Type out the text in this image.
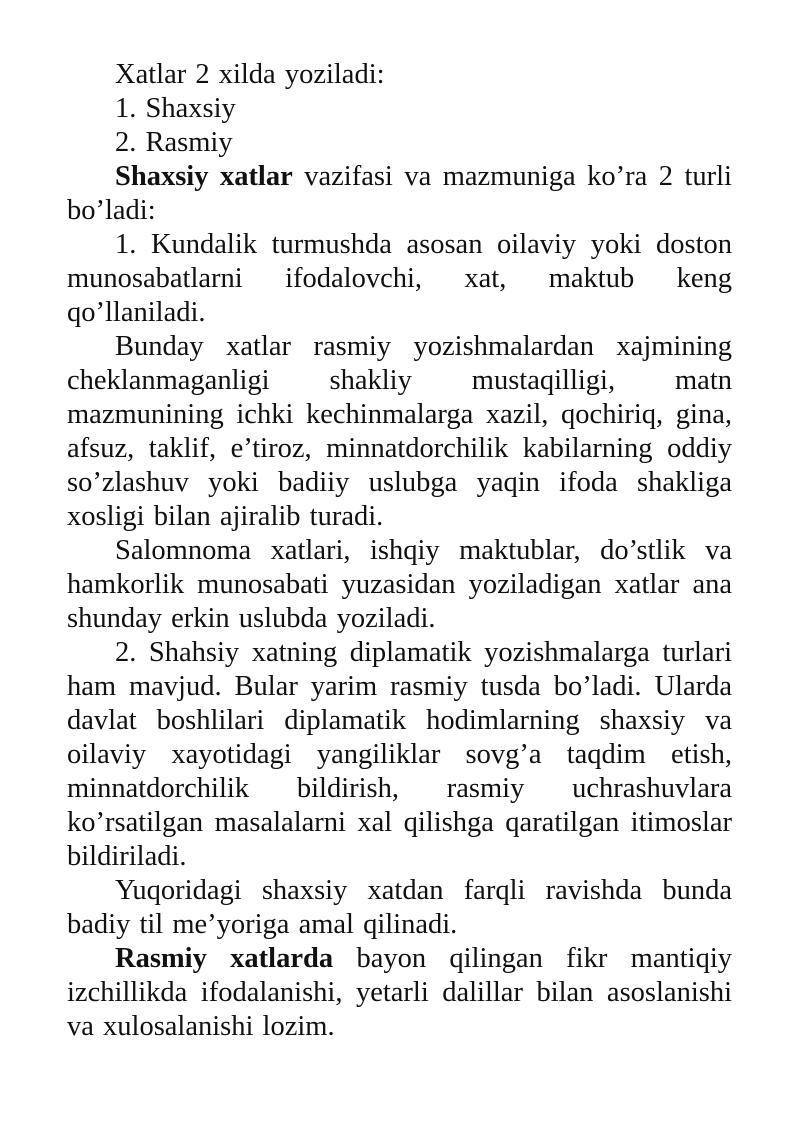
Xatlar 2 xilda yoziladi:

1. Shaxsiy

2. Rasmiy

Shaxsiy xatlar vazifasi va mazmuniga ko’ra 2 turli bo’ladi:

1. Kundalik turmushda asosan oilaviy yoki doston munosabatlarni ifodalovchi, xat, maktub keng qo’llaniladi.

Bunday xatlar rasmiy yozishmalardan xajmining cheklanmaganligi shakliy mustaqilligi, matn mazmunining ichki kechinmalarga xazil, qochiriq, gina, afsuz, taklif, e’tiroz, minnatdorchilik kabilarning oddiy so’zlashuv yoki badiiy uslubga yaqin ifoda shakliga xosligi bilan ajiralib turadi.

Salomnoma xatlari, ishqiy maktublar, do’stlik va hamkorlik munosabati yuzasidan yoziladigan xatlar ana shunday erkin uslubda yoziladi.

2. Shahsiy xatning diplamatik yozishmalarga turlari ham mavjud. Bular yarim rasmiy tusda bo’ladi. Ularda davlat boshlilari diplamatik hodimlarning shaxsiy va oilaviy xayotidagi yangiliklar sovg’a taqdim etish, minnatdorchilik bildirish, rasmiy uchrashuvlara ko’rsatilgan masalalarni xal qilishga qaratilgan itimoslar bildiriladi.

Yuqoridagi shaxsiy xatdan farqli ravishda bunda badiy til me’yoriga amal qilinadi.

Rasmiy xatlarda bayon qilingan fikr mantiqiy izchillikda ifodalanishi, yetarli dalillar bilan asoslanishi va xulosalanishi lozim.
